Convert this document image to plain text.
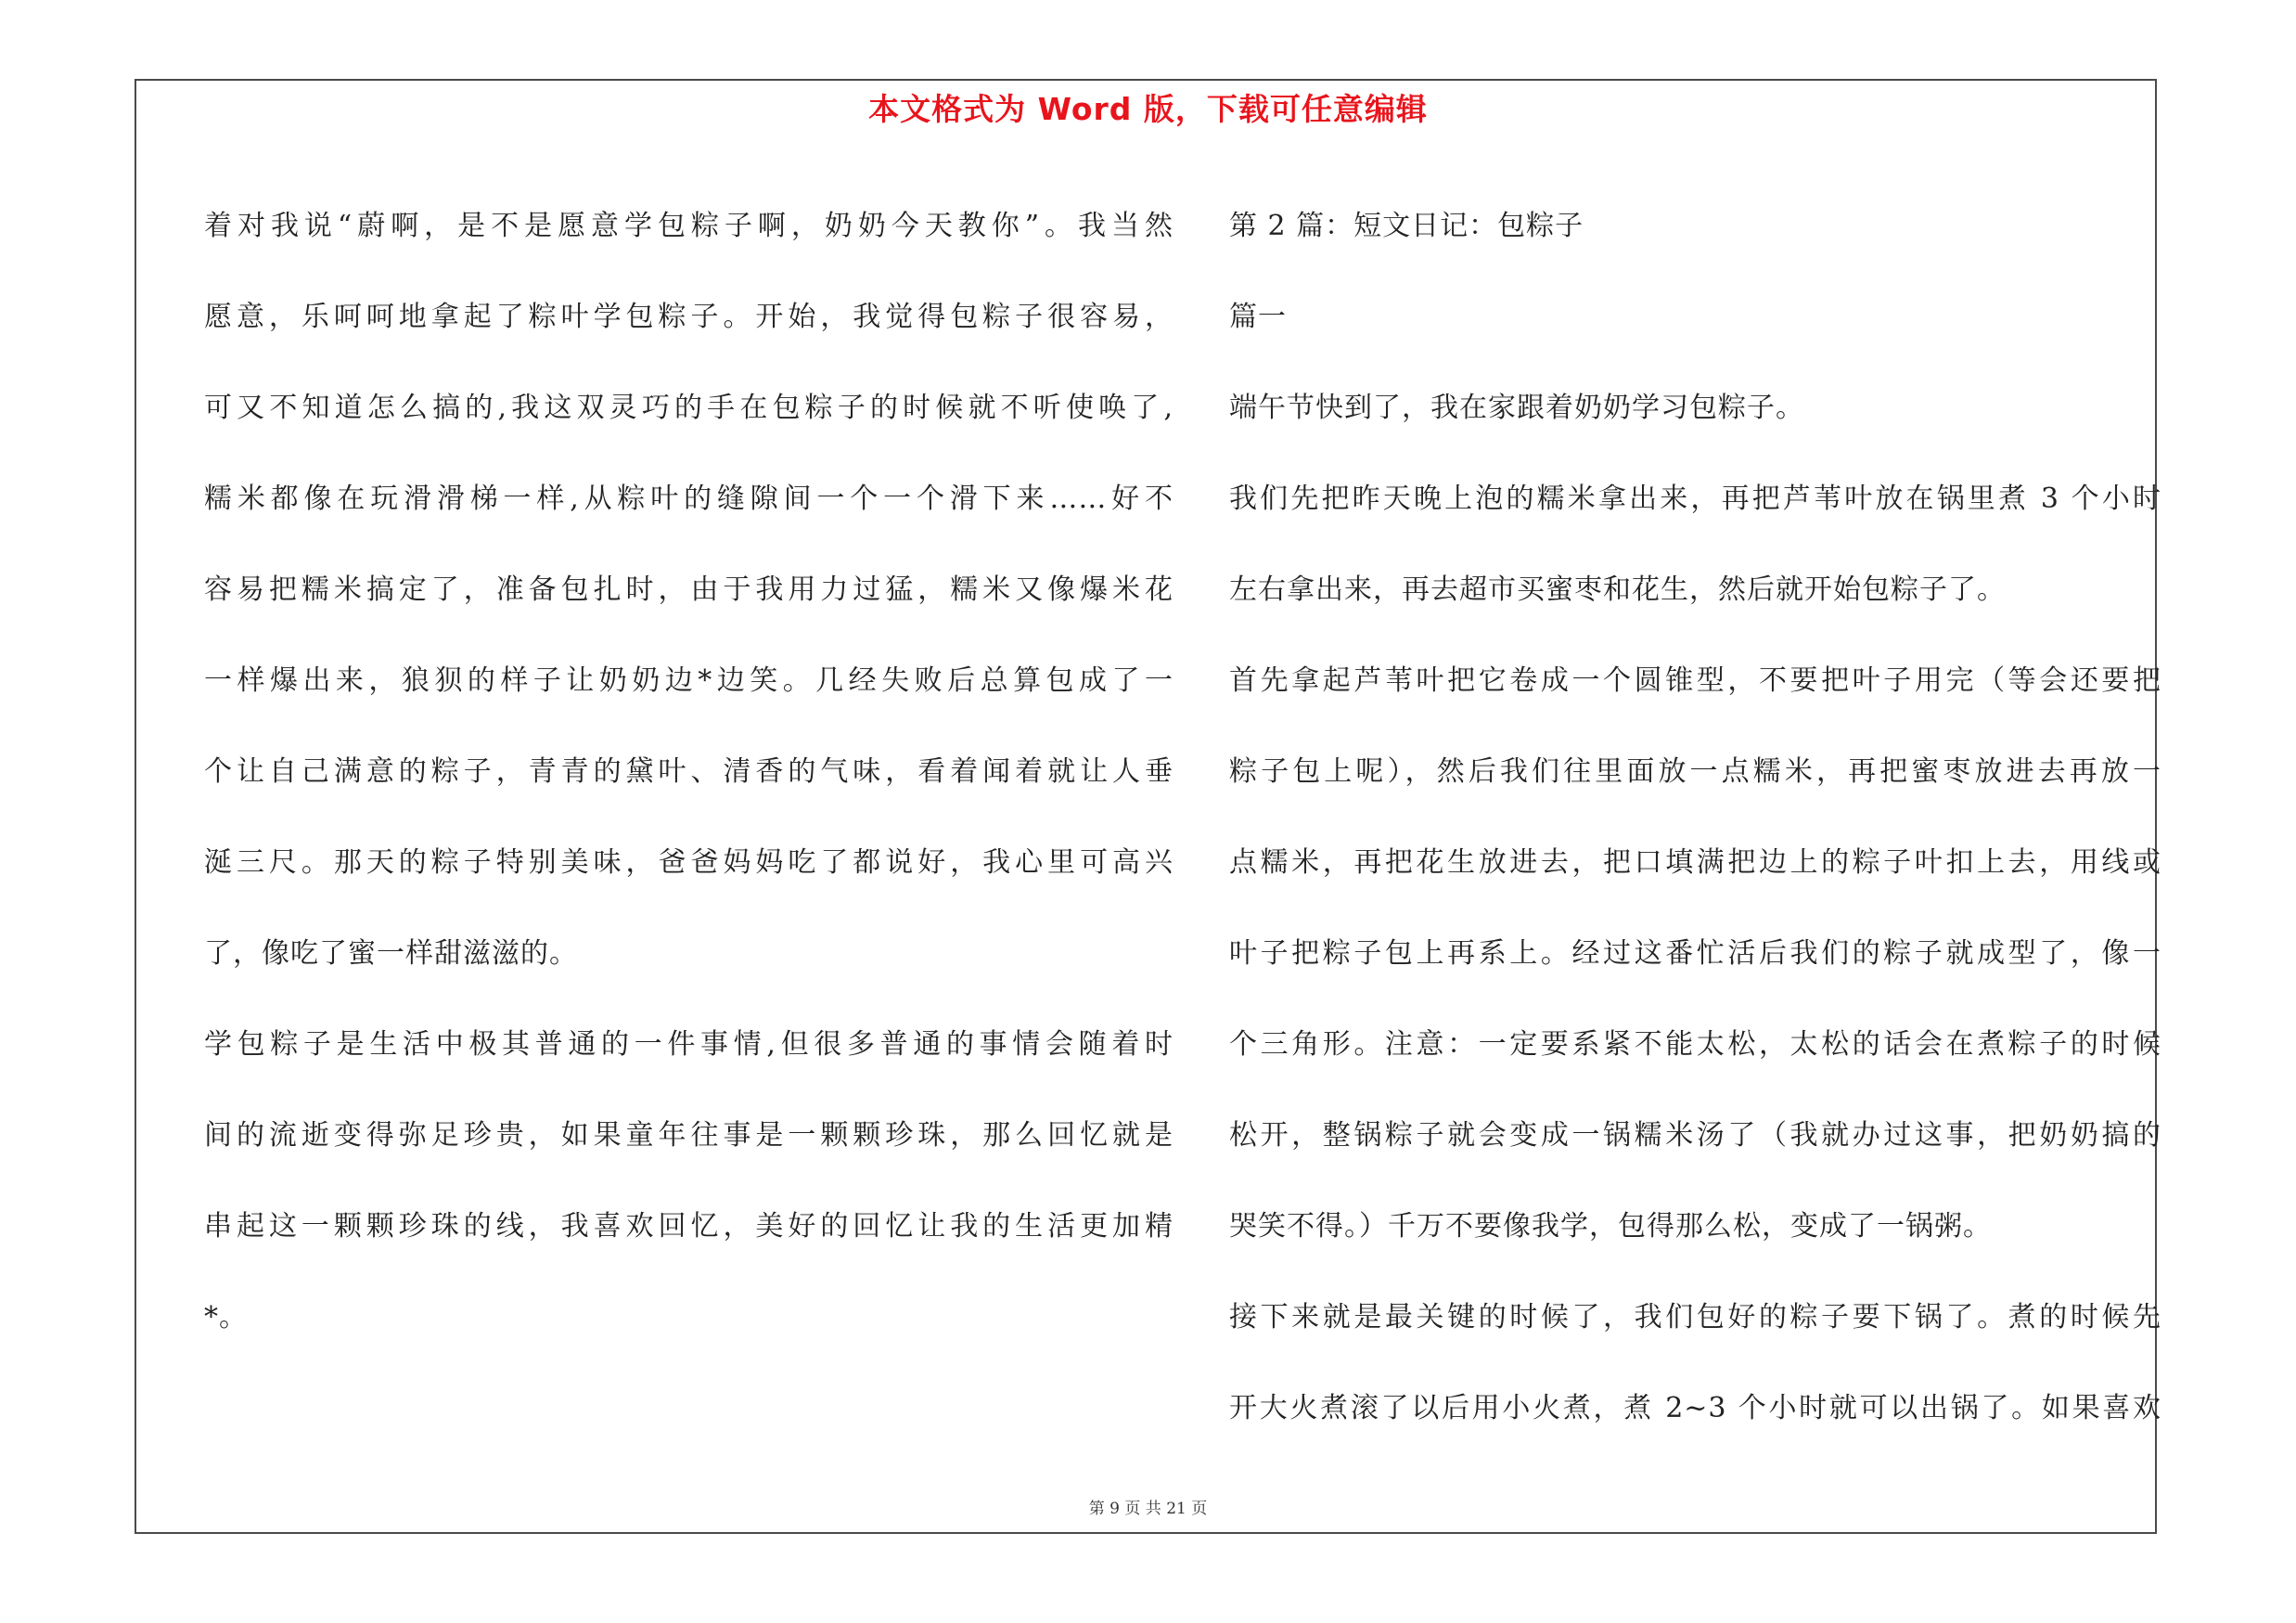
本文格式为 Word 版，下载可任意编辑
着对我说“蔚啊，是不是愿意学包粽子啊，奶奶今天教你”。我当然
愿意，乐呵呵地拿起了粽叶学包粽子。开始，我觉得包粽子很容易，
可又不知道怎么搞的,我这双灵巧的手在包粽子的时候就不听使唤了,
糯米都像在玩滑滑梯一样,从粽叶的缝隙间一个一个滑下来……好不
容易把糯米搞定了，准备包扎时，由于我用力过猛，糯米又像爆米花
一样爆出来，狼狈的样子让奶奶边*边笑。几经失败后总算包成了一
个让自己满意的粽子，青青的黛叶、清香的气味，看着闻着就让人垂
涎三尺。那天的粽子特别美味，爸爸妈妈吃了都说好，我心里可高兴
了，像吃了蜜一样甜滋滋的。
学包粽子是生活中极其普通的一件事情,但很多普通的事情会随着时
间的流逝变得弥足珍贵，如果童年往事是一颗颗珍珠，那么回忆就是
串起这一颗颗珍珠的线，我喜欢回忆，美好的回忆让我的生活更加精
*。
第 2 篇：短文日记：包粽子
篇一
端午节快到了，我在家跟着奶奶学习包粽子。
我们先把昨天晚上泡的糯米拿出来，再把芦苇叶放在锅里煮 3 个小时
左右拿出来，再去超市买蜜枣和花生，然后就开始包粽子了。
首先拿起芦苇叶把它卷成一个圆锥型，不要把叶子用完（等会还要把
粽子包上呢），然后我们往里面放一点糯米，再把蜜枣放进去再放一
点糯米，再把花生放进去，把口填满把边上的粽子叶扣上去，用线或
叶子把粽子包上再系上。经过这番忙活后我们的粽子就成型了，像一
个三角形。注意：一定要系紧不能太松，太松的话会在煮粽子的时候
松开，整锅粽子就会变成一锅糯米汤了（我就办过这事，把奶奶搞的
哭笑不得。）千万不要像我学，包得那么松，变成了一锅粥。
接下来就是最关键的时候了，我们包好的粽子要下锅了。煮的时候先
开大火煮滚了以后用小火煮，煮 2~3 个小时就可以出锅了。如果喜欢
第 9 页 共 21 页
